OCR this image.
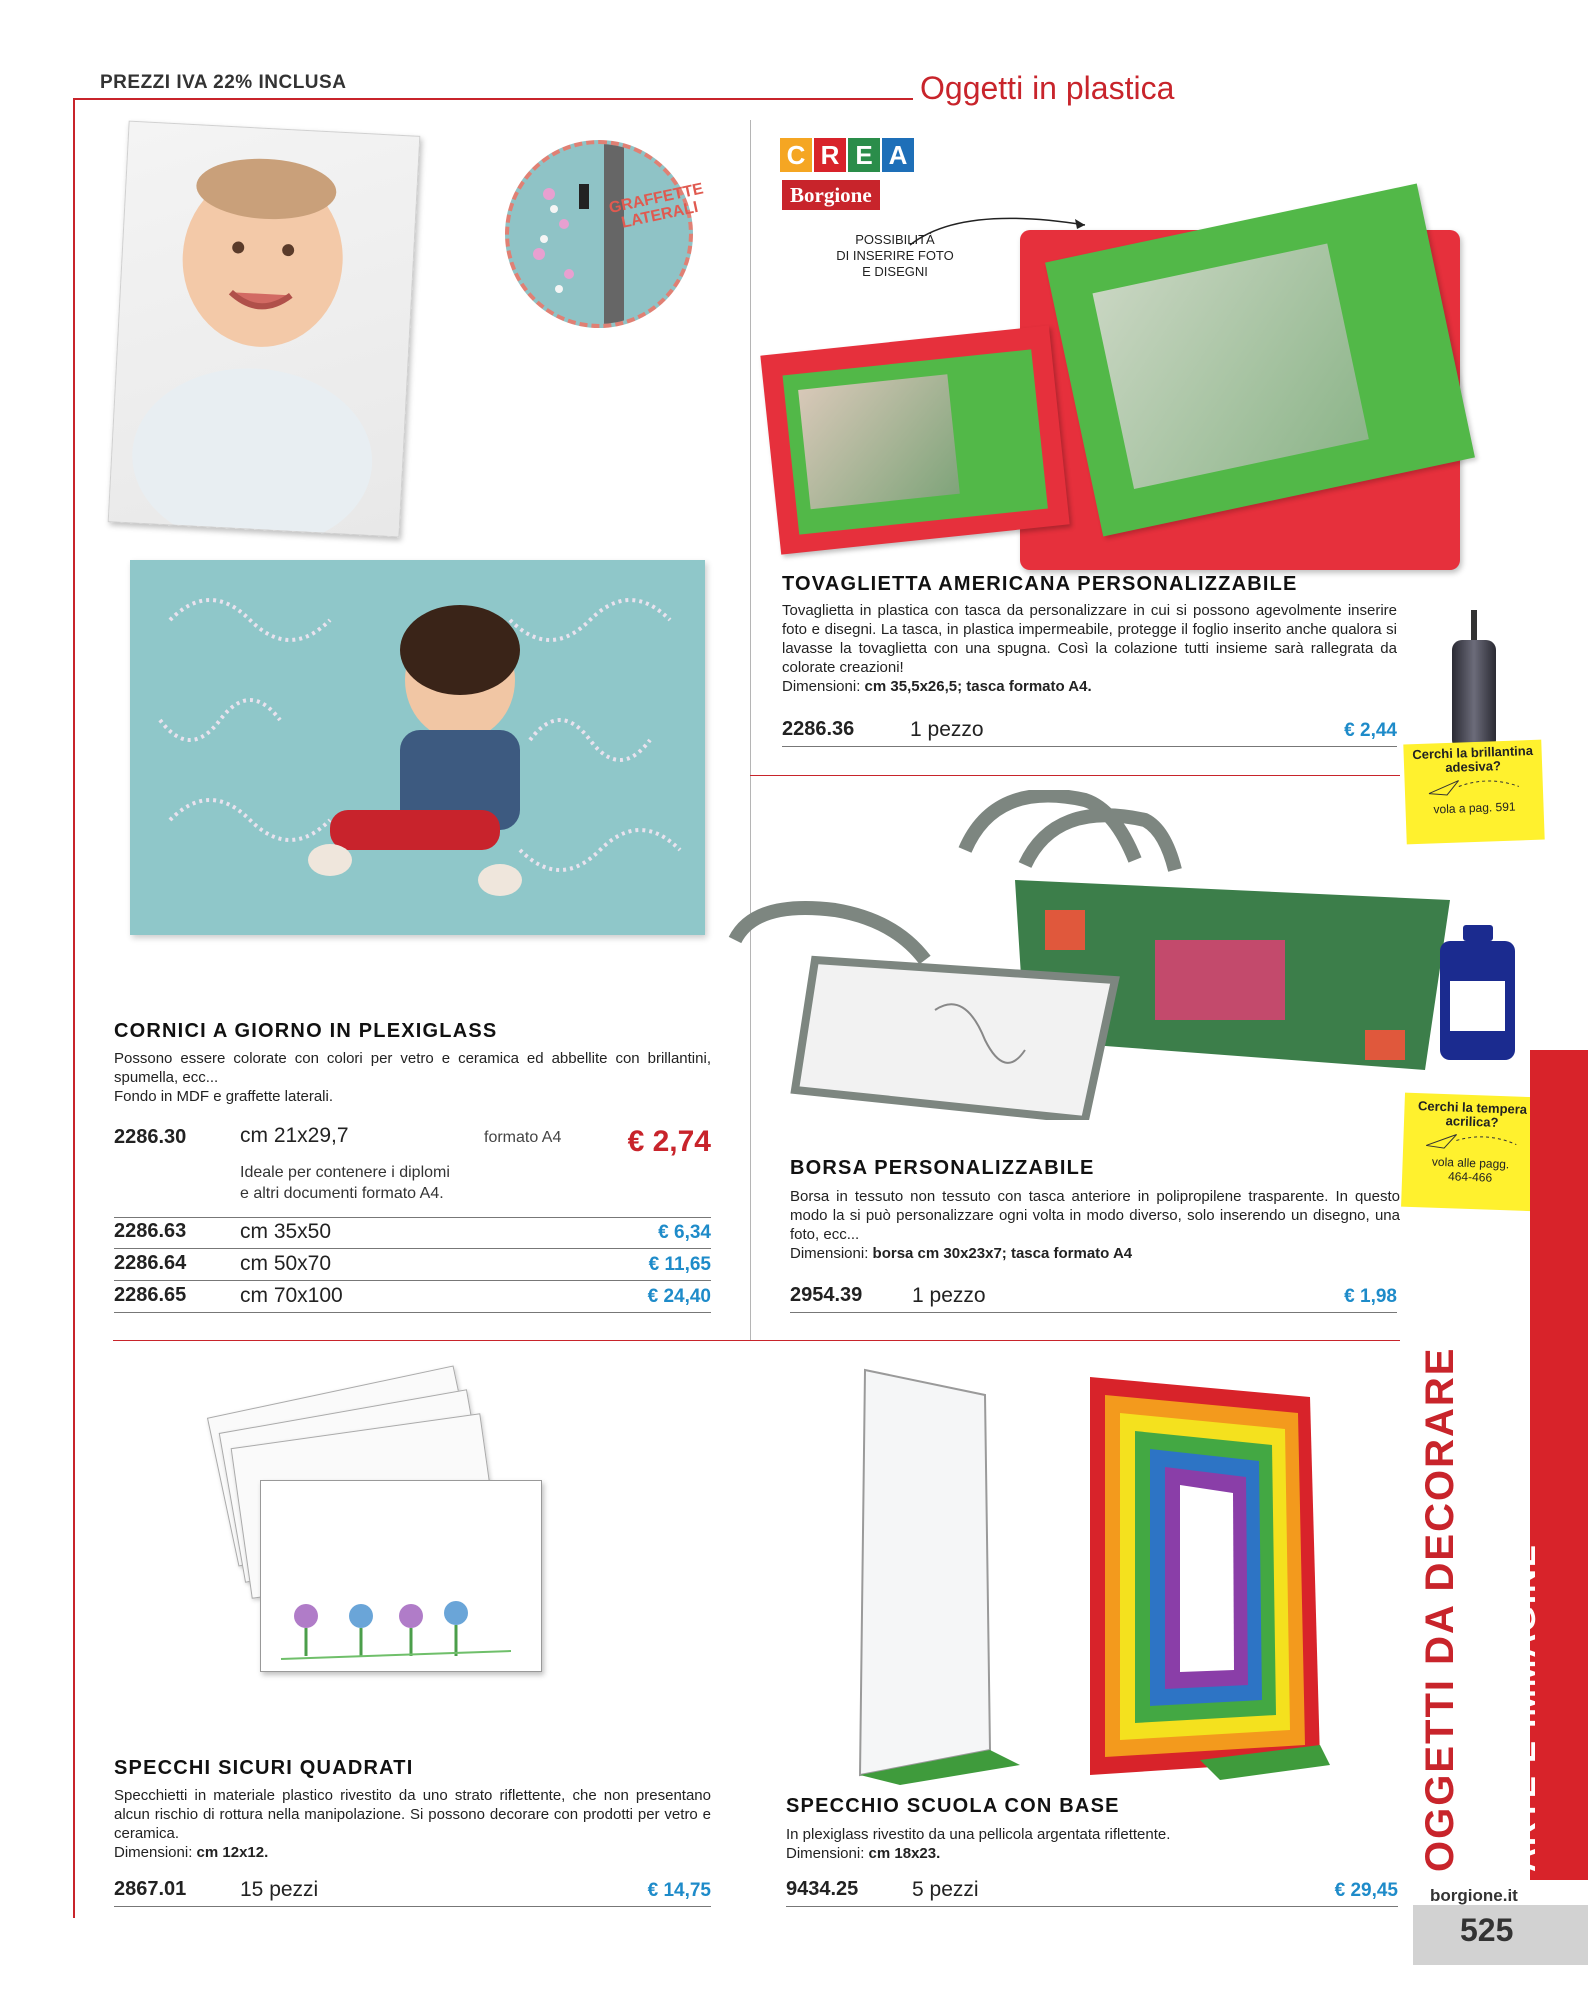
PREZZI IVA 22% INCLUSA	Oggetti in plastica
GRAFFETTE
LATERALI
C R E A
Borgione
POSSIBILITÀ
DI INSERIRE FOTO
E DISEGNI
TOVAGLIETTA AMERICANA PERSONALIZZABILE
Tovaglietta in plastica con tasca da personalizzare in cui si possono agevolmente inserire foto e disegni. La tasca, in plastica impermeabile, protegge il foglio inserito anche qualora si lavasse la tovaglietta con una spugna. Così la colazione tutti insieme sarà rallegrata da colorate creazioni!
Dimensioni: cm 35,5x26,5; tasca formato A4.
2286.36	1 pezzo	€ 2,44
Cerchi la brillantina
adesiva?
vola a pag. 591
Cerchi la tempera
acrilica?
vola alle pagg.
464-466
BORSA PERSONALIZZABILE
Borsa in tessuto non tessuto con tasca anteriore in polipropilene trasparente. In questo modo la si può personalizzare ogni volta in modo diverso, solo inserendo un disegno, una foto, ecc...
Dimensioni: borsa cm 30x23x7; tasca formato A4
2954.39 1 pezzo	€ 1,98
CORNICI A GIORNO IN PLEXIGLASS
Possono essere colorate con colori per vetro e ceramica ed abbellite con brillantini, spumella, ecc...
Fondo in MDF e graffette laterali.
2286.30	cm 21x29,7	formato A4 € 2,74
Ideale per contenere i diplomi
e altri documenti formato A4.
2286.63	cm 35x50	€ 6,34
2286.64	cm 50x70	€ 11,65
2286.65	cm 70x100	€ 24,40
SPECCHI SICURI QUADRATI
Specchietti in materiale plastico rivestito da uno strato riflettente, che non presentano alcun rischio di rottura nella manipolazione. Si possono decorare con prodotti per vetro e ceramica.
Dimensioni: cm 12x12.
2867.01	15 pezzi	€ 14,75
SPECCHIO SCUOLA CON BASE
In plexiglass rivestito da una pellicola argentata riflettente.
Dimensioni: cm 18x23.
9434.25	5 pezzi	€ 29,45
OGGETTI DA DECORARE ARTE E IMMAGINE
borgione.it
525
